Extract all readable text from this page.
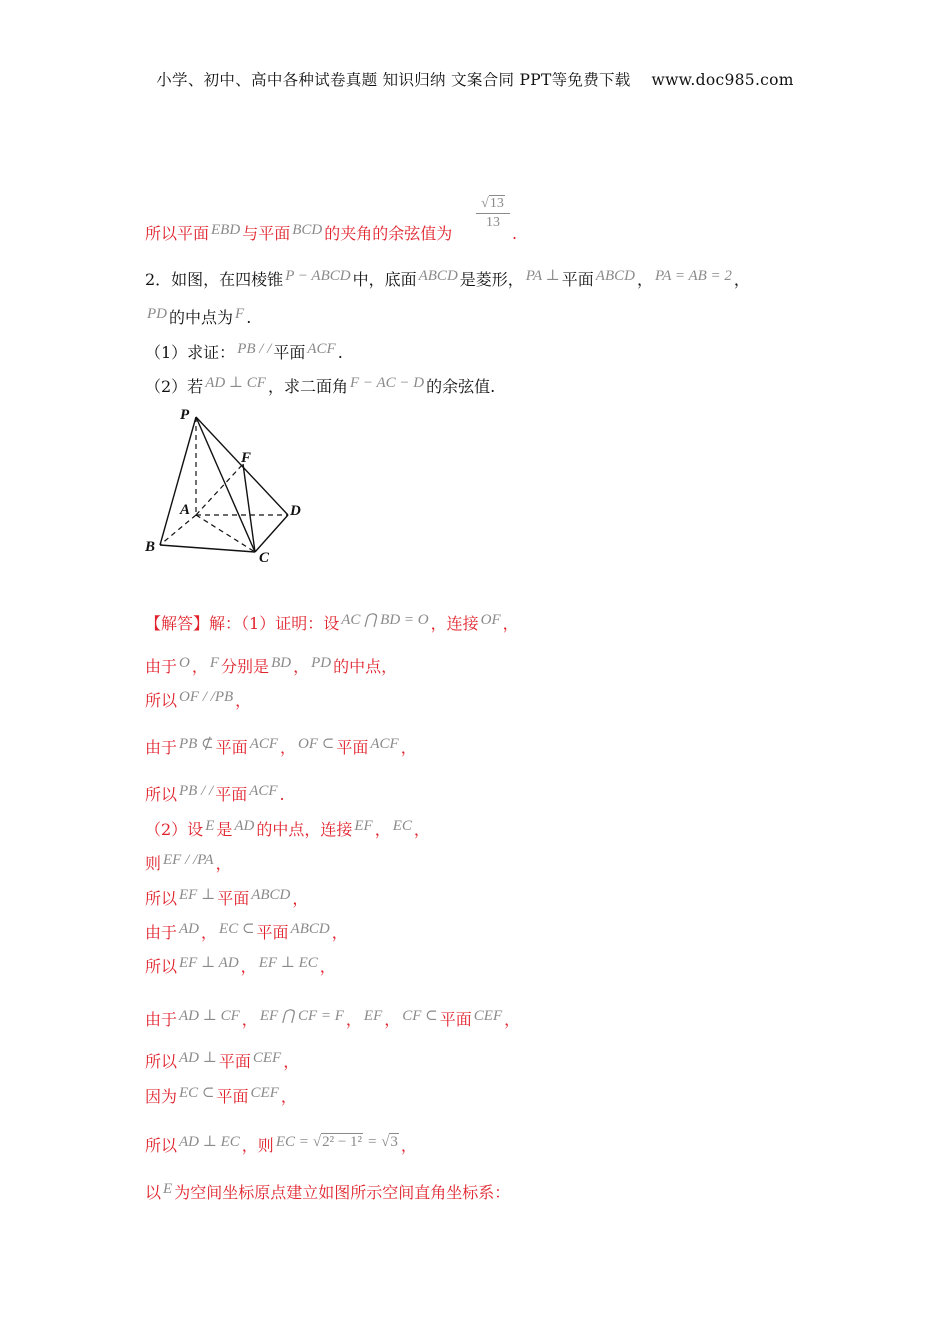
小学、初中、高中各种试卷真题 知识归纳 文案合同 PPT等免费下载 www.doc985.com
所以平面 EBD 与平面 BCD 的夹角的余弦值为
$\frac{√13}{13}$
.
2．如图，在四棱锥 P − ABCD 中，底面 ABCD 是菱形， PA ⊥ 平面 ABCD ， PA = AB = 2 ，
PD 的中点为 F .
（1）求证： PB / / 平面 ACF .
（2）若 AD ⊥ CF ，求二面角 F − AC − D 的余弦值.
P
F
A	D
B
C
【解答】解：（1）证明：设 AC ⋂ BD = O ，连接 OF ，
由于 O ， F 分别是 BD ， PD 的中点，
所以 OF / /PB ，
由于 PB ⊄ 平面 ACF ， OF ⊂ 平面 ACF ，
所以 PB / / 平面 ACF .
（2）设 E 是 AD 的中点，连接 EF ， EC ，
则 EF / /PA ，
所以 EF ⊥ 平面 ABCD ，
由于 AD ， EC ⊂ 平面 ABCD ，
所以 EF ⊥ AD ， EF ⊥ EC ，
由于 AD ⊥ CF ， EF ⋂ CF = F ， EF ， CF ⊂ 平面 CEF ，
所以 AD ⊥ 平面 CEF ，
因为 EC ⊂ 平面 CEF ，
所以 AD ⊥ EC ，则 EC = √2² − 1² = √3 ，
以 E 为空间坐标原点建立如图所示空间直角坐标系：
